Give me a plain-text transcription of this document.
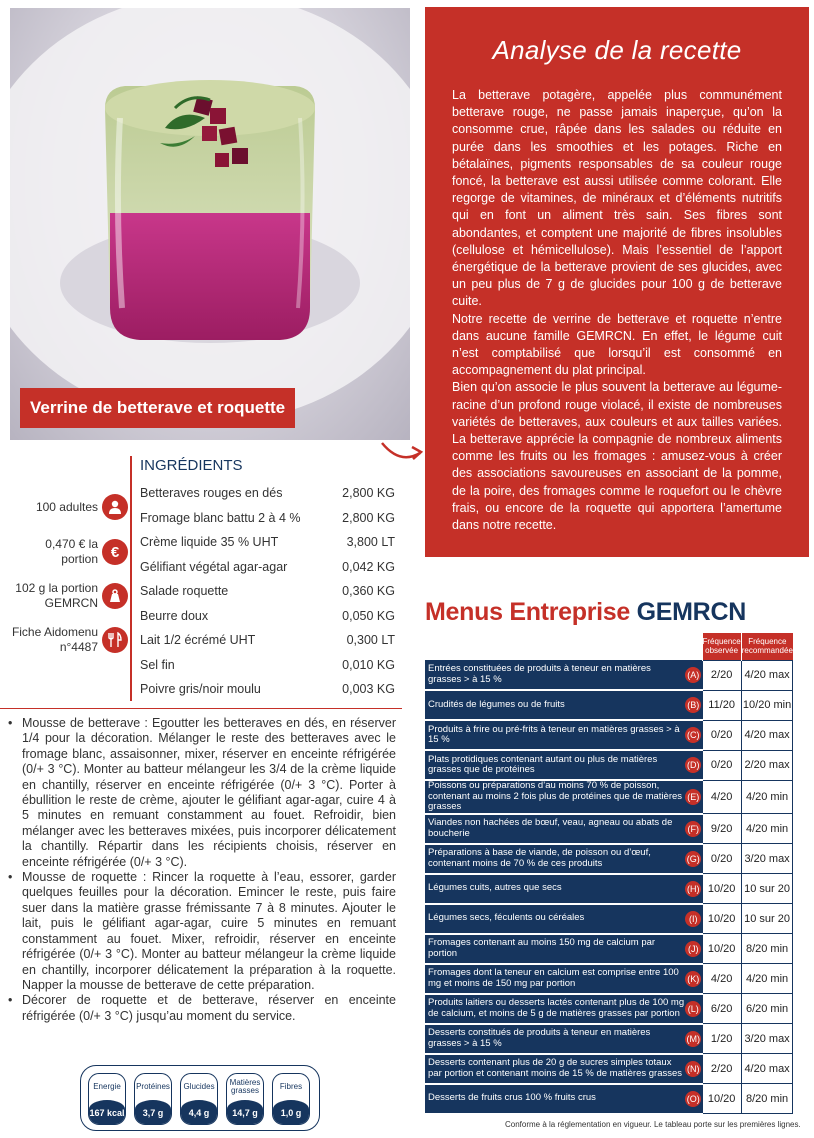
Verrine de betterave et roquette
Analyse de la recette

La betterave potagère, appelée plus communément betterave rouge, ne passe jamais inaperçue, qu’on la consomme crue, râpée dans les salades ou réduite en purée dans les smoothies et les potages. Riche en bétalaïnes, pigments responsables de sa couleur rouge foncé, la betterave est aussi utilisée comme colorant. Elle regorge de vitamines, de minéraux et d’éléments nutritifs qui en font un aliment très sain. Ses fibres sont abondantes, et comptent une majorité de fibres insolubles (cellulose et hémicellulose). Mais l’essentiel de l’apport énergétique de la betterave provient de ses glucides, avec un peu plus de 7 g de glucides pour 100 g de betterave cuite.

Notre recette de verrine de betterave et roquette n’entre dans aucune famille GEMRCN. En effet, le légume cuit n’est comptabilisé que lorsqu’il est consommé en accompagnement du plat principal.

Bien qu’on associe le plus souvent la betterave au légume-racine d’un profond rouge violacé, il existe de nombreuses variétés de betteraves, aux couleurs et aux tailles variées. La betterave apprécie la compagnie de nombreux aliments comme les fruits ou les fromages : amusez-vous à créer des associations savoureuses en associant de la pomme, de la poire, des fromages comme le roquefort ou le chèvre frais, ou encore de la roquette qui apportera l’amertume dans notre recette.

100 adultes
0,470 € la portion €
102 g la portion GEMRCN
Fiche Aidomenu n°4487
INGRÉDIENTS
Betteraves rouges en dés	2,800 KG
Fromage blanc battu 2 à 4 %	2,800 KG
Crème liquide 35 % UHT	3,800 LT
Gélifiant végétal agar-agar	0,042 KG
Salade roquette	0,360 KG
Beurre doux	0,050 KG
Lait 1/2 écrémé UHT	0,300 LT
Sel fin	0,010 KG
Poivre gris/noir moulu	0,003 KG
• Mousse de betterave : Egoutter les betteraves en dés, en réserver 1/4 pour la décoration. Mélanger le reste des betteraves avec le fromage blanc, assaisonner, mixer, réserver en enceinte réfrigérée (0/+ 3 °C). Monter au batteur mélangeur les 3/4 de la crème liquide en chantilly, réserver en enceinte réfrigérée (0/+ 3 °C). Porter à ébullition le reste de crème, ajouter le gélifiant agar-agar, cuire 4 à 5 minutes en remuant constamment au fouet. Refroidir, bien mélanger avec les betteraves mixées, puis incorporer délicatement la chantilly. Répartir dans les récipients choisis, réserver en enceinte réfrigérée (0/+ 3 °C).
• Mousse de roquette : Rincer la roquette à l’eau, essorer, garder quelques feuilles pour la décoration. Emincer le reste, puis faire suer dans la matière grasse frémissante 7 à 8 minutes. Ajouter le lait, puis le gélifiant agar-agar, cuire 5 minutes en remuant constamment au fouet. Mixer, refroidir, réserver en enceinte réfrigérée (0/+ 3 °C). Monter au batteur mélangeur la crème liquide en chantilly, incorporer délicatement la préparation à la roquette. Napper la mousse de betterave de cette préparation.
• Décorer de roquette et de betterave, réserver en enceinte réfrigérée (0/+ 3 °C) jusqu’au moment du service.
Energie
167 kcal
Protéines
3,7 g
Glucides
4,4 g
Matières grasses
14,7 g
Fibres
1,0 g
Menus Entreprise GEMRCN
		Fréquence observée	Fréquence recommandée
Entrées constituées de produits à teneur en matières grasses > à 15 %	(A)	2/20	4/20 max
Crudités de légumes ou de fruits	(B)	11/20	10/20 min
Produits à frire ou pré-frits à teneur en matières grasses > à 15 %	(C)	0/20	4/20 max
Plats protidiques contenant autant ou plus de matières grasses que de protéines	(D)	0/20	2/20 max
Poissons ou préparations d’au moins 70 % de poisson, contenant au moins 2 fois plus de protéines que de matières grasses	(E)	4/20	4/20 min
Viandes non hachées de bœuf, veau, agneau ou abats de boucherie	(F)	9/20	4/20 min
Préparations à base de viande, de poisson ou d’œuf, contenant moins de 70 % de ces produits	(G)	0/20	3/20 max
Légumes cuits, autres que secs	(H)	10/20	10 sur 20
Légumes secs, féculents ou céréales	(I)	10/20	10 sur 20
Fromages contenant au moins 150 mg de calcium par portion	(J)	10/20	8/20 min
Fromages dont la teneur en calcium est comprise entre 100 mg et moins de 150 mg par portion	(K)	4/20	4/20 min
Produits laitiers ou desserts lactés contenant plus de 100 mg de calcium, et moins de 5 g de matières grasses par portion	(L)	6/20	6/20 min
Desserts constitués de produits à teneur en matières grasses > à 15 %	(M)	1/20	3/20 max
Desserts contenant plus de 20 g de sucres simples totaux par portion et contenant moins de 15 % de matières grasses	(N)	2/20	4/20 max
Desserts de fruits crus 100 % fruits crus	(O)	10/20	8/20 min
Conforme à la réglementation en vigueur. Le tableau porte sur les premières lignes.
